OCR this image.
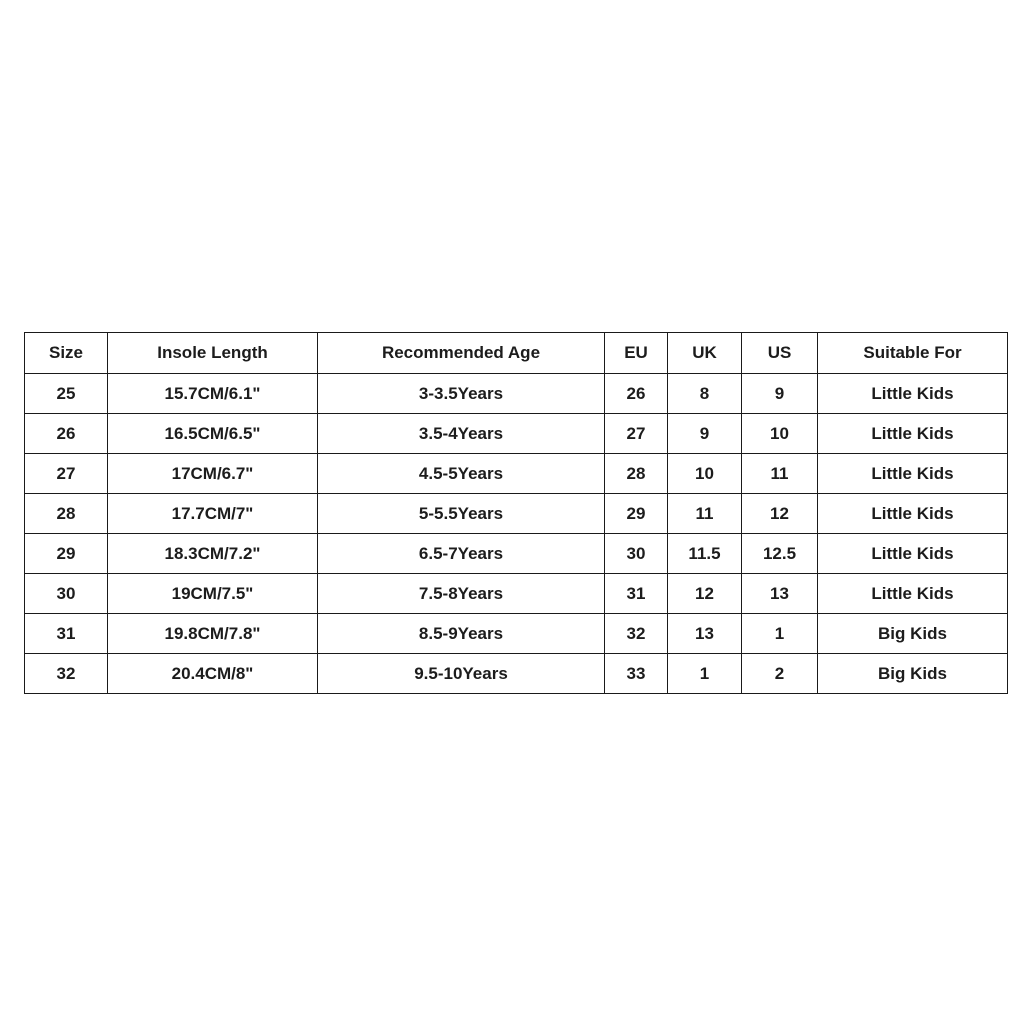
Size	Insole Length	Recommended Age	EU	UK	US	Suitable For
25	15.7CM/6.1"	3-3.5Years	26	8	9	Little Kids
26	16.5CM/6.5"	3.5-4Years	27	9	10	Little Kids
27	17CM/6.7"	4.5-5Years	28	10	11	Little Kids
28	17.7CM/7"	5-5.5Years	29	11	12	Little Kids
29	18.3CM/7.2"	6.5-7Years	30	11.5	12.5	Little Kids
30	19CM/7.5"	7.5-8Years	31	12	13	Little Kids
31	19.8CM/7.8"	8.5-9Years	32	13	1	Big Kids
32	20.4CM/8"	9.5-10Years	33	1	2	Big Kids
